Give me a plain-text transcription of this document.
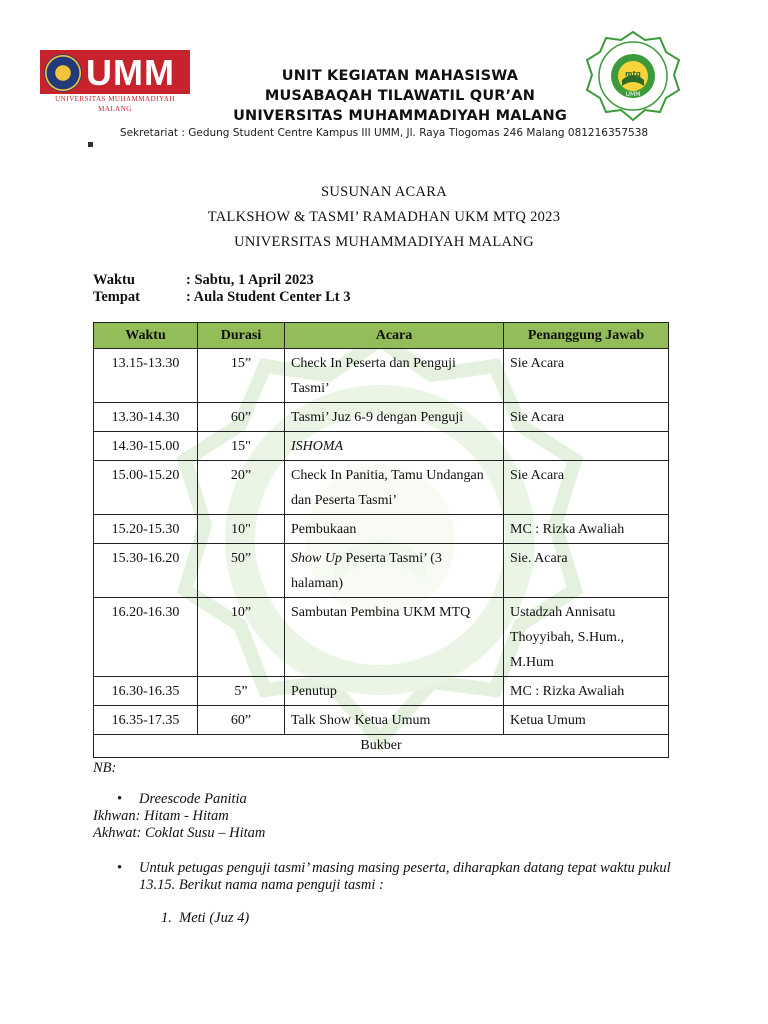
UMM
UNIVERSITAS MUHAMMADIYAH MALANG
UNIT KEGIATAN MAHASISWA
MUSABAQAH TILAWATIL QUR’AN
UNIVERSITAS MUHAMMADIYAH MALANG
mtq
UMM
Sekretariat : Gedung Student Centre Kampus III UMM, Jl. Raya Tlogomas 246 Malang 081216357538
SUSUNAN ACARA
TALKSHOW & TASMI’ RAMADHAN UKM MTQ 2023
UNIVERSITAS MUHAMMADIYAH MALANG
Waktu	: Sabtu, 1 April 2023
Tempat	: Aula Student Center Lt 3
Waktu	Durasi	Acara	Penanggung Jawab
13.15-13.30	15”	Check In Peserta dan Penguji Tasmi’	Sie Acara
13.30-14.30	60”	Tasmi’ Juz 6-9 dengan Penguji	Sie Acara
14.30-15.00	15"	ISHOMA	
15.00-15.20	20”	Check In Panitia, Tamu Undangan dan Peserta Tasmi’	Sie Acara
15.20-15.30	10"	Pembukaan	MC : Rizka Awaliah
15.30-16.20	50”	Show Up Peserta Tasmi’ (3 halaman)	Sie. Acara
16.20-16.30	10”	Sambutan Pembina UKM MTQ	Ustadzah Annisatu Thoyyibah, S.Hum., M.Hum
16.30-16.35	5”	Penutup	MC : Rizka Awaliah
16.35-17.35	60”	Talk Show Ketua Umum	Ketua Umum
Bukber			
NB:
•	Dreescode Panitia
Ikhwan: Hitam - Hitam
Akhwat: Coklat Susu – Hitam
• Untuk petugas penguji tasmi’ masing masing peserta, diharapkan datang tepat waktu pukul 13.15. Berikut nama nama penguji tasmi :
1. Meti (Juz 4)
